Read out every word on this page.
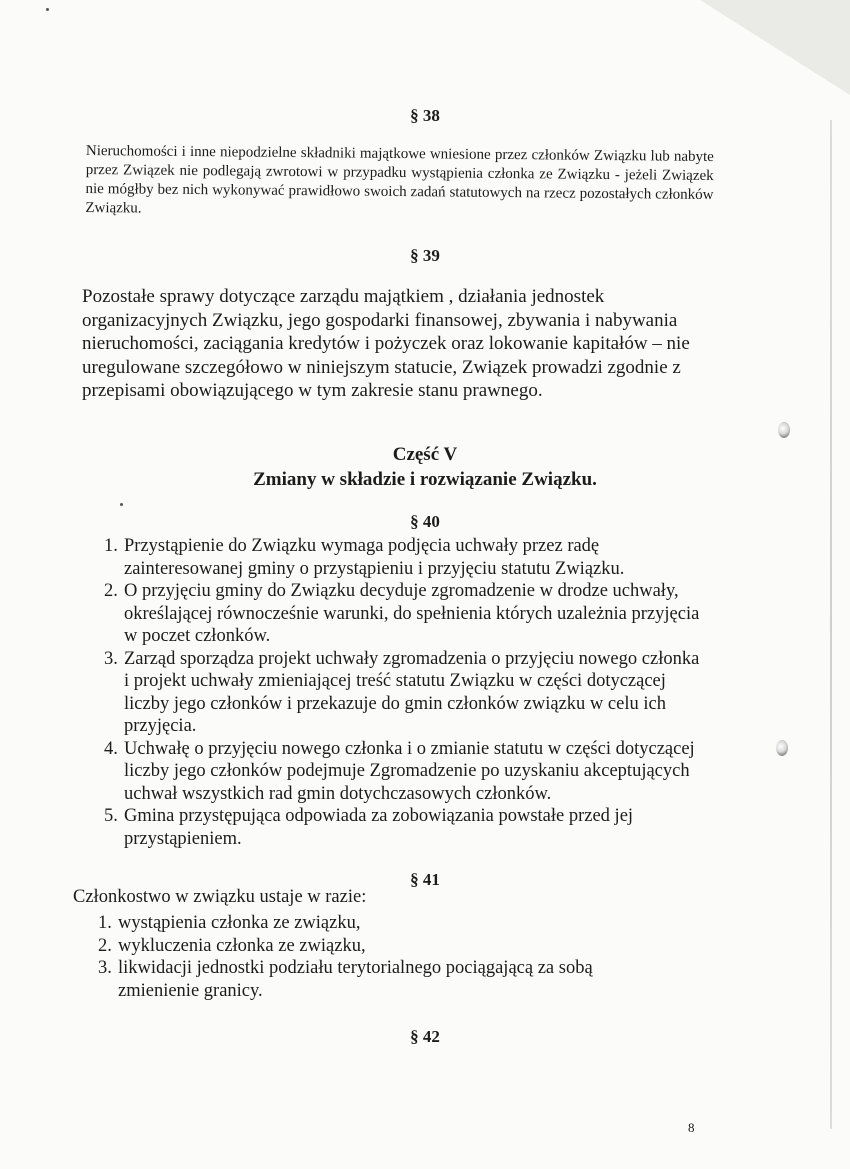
§ 38

Nieruchomości i inne niepodzielne składniki majątkowe wniesione przez członków Związku lub nabyte przez Związek nie podlegają zwrotowi w przypadku wystąpienia członka ze Związku - jeżeli Związek nie mógłby bez nich wykonywać prawidłowo swoich zadań statutowych na rzecz pozostałych członków Związku.

§ 39

Pozostałe sprawy dotyczące zarządu majątkiem , działania jednostek organizacyjnych Związku, jego gospodarki finansowej, zbywania i nabywania nieruchomości, zaciągania kredytów i pożyczek oraz lokowanie kapitałów – nie uregulowane szczegółowo w niniejszym statucie, Związek prowadzi zgodnie z przepisami obowiązującego w tym zakresie stanu prawnego.

Część V
Zmiany w składzie i rozwiązanie Związku.
§ 40
1. Przystąpienie do Związku wymaga podjęcia uchwały przez radę zainteresowanej gminy o przystąpieniu i przyjęciu statutu Związku.
2. O przyjęciu gminy do Związku decyduje zgromadzenie w drodze uchwały, określającej równocześnie warunki, do spełnienia których uzależnia przyjęcia w poczet członków.
3. Zarząd sporządza projekt uchwały zgromadzenia o przyjęciu nowego członka i projekt uchwały zmieniającej treść statutu Związku w części dotyczącej liczby jego członków i przekazuje do gmin członków związku w celu ich przyjęcia.
4. Uchwałę o przyjęciu nowego członka i o zmianie statutu w części dotyczącej liczby jego członków podejmuje Zgromadzenie po uzyskaniu akceptujących uchwał wszystkich rad gmin dotychczasowych członków.
5. Gmina przystępująca odpowiada za zobowiązania powstałe przed jej przystąpieniem.
§ 41
Członkostwo w związku ustaje w razie:
1. wystąpienia członka ze związku,
2. wykluczenia członka ze związku,
3. likwidacji jednostki podziału terytorialnego pociągającą za sobą zmienienie granicy.
§ 42
8
